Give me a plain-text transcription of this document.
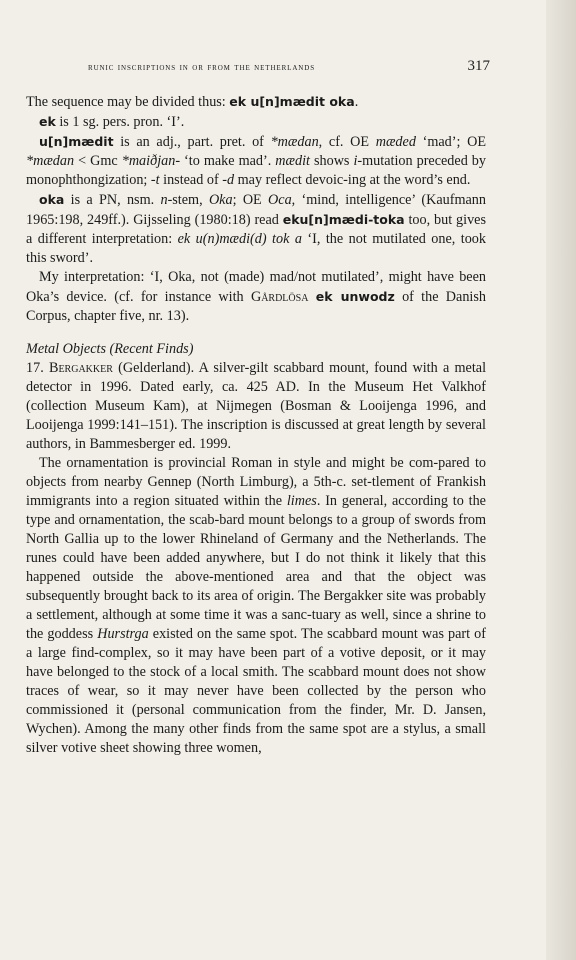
runic inscriptions in or from the netherlands	317

The sequence may be divided thus: ek u[n]mædit oka.

ek is 1 sg. pers. pron. ‘I’.

u[n]mædit is an adj., part. pret. of *mædan, cf. OE mæded ‘mad’; OE *mædan < Gmc *maiðjan- ‘to make mad’. mædit shows i-mutation preceded by monophthongization; -t instead of -d may reflect devoic‑ing at the word’s end.

oka is a PN, nsm. n-stem, Oka; OE Oca, ‘mind, intelligence’ (Kaufmann 1965:198, 249ff.). Gijsseling (1980:18) read eku[n]mædi‑toka too, but gives a different interpretation: ek u(n)mædi(d) tok a ‘I, the not mutilated one, took this sword’.

My interpretation: ‘I, Oka, not (made) mad/not mutilated’, might have been Oka’s device. (cf. for instance with Gårdlösa ek unwodz of the Danish Corpus, chapter five, nr. 13).

Metal Objects (Recent Finds)

17. Bergakker (Gelderland). A silver-gilt scabbard mount, found with a metal detector in 1996. Dated early, ca. 425 AD. In the Museum Het Valkhof (collection Museum Kam), at Nijmegen (Bosman & Looijenga 1996, and Looijenga 1999:141–151). The inscription is discussed at great length by several authors, in Bammesberger ed. 1999.

The ornamentation is provincial Roman in style and might be com‑pared to objects from nearby Gennep (North Limburg), a 5th-c. set‑tlement of Frankish immigrants into a region situated within the limes. In general, according to the type and ornamentation, the scab‑bard mount belongs to a group of swords from North Gallia up to the lower Rhineland of Germany and the Netherlands. The runes could have been added anywhere, but I do not think it likely that this happened outside the above-mentioned area and that the object was subsequently brought back to its area of origin. The Bergakker site was probably a settlement, although at some time it was a sanc‑tuary as well, since a shrine to the goddess Hurstrga existed on the same spot. The scabbard mount was part of a large find-complex, so it may have been part of a votive deposit, or it may have belonged to the stock of a local smith. The scabbard mount does not show traces of wear, so it may never have been collected by the person who commissioned it (personal communication from the finder, Mr. D. Jansen, Wychen). Among the many other finds from the same spot are a stylus, a small silver votive sheet showing three women,
